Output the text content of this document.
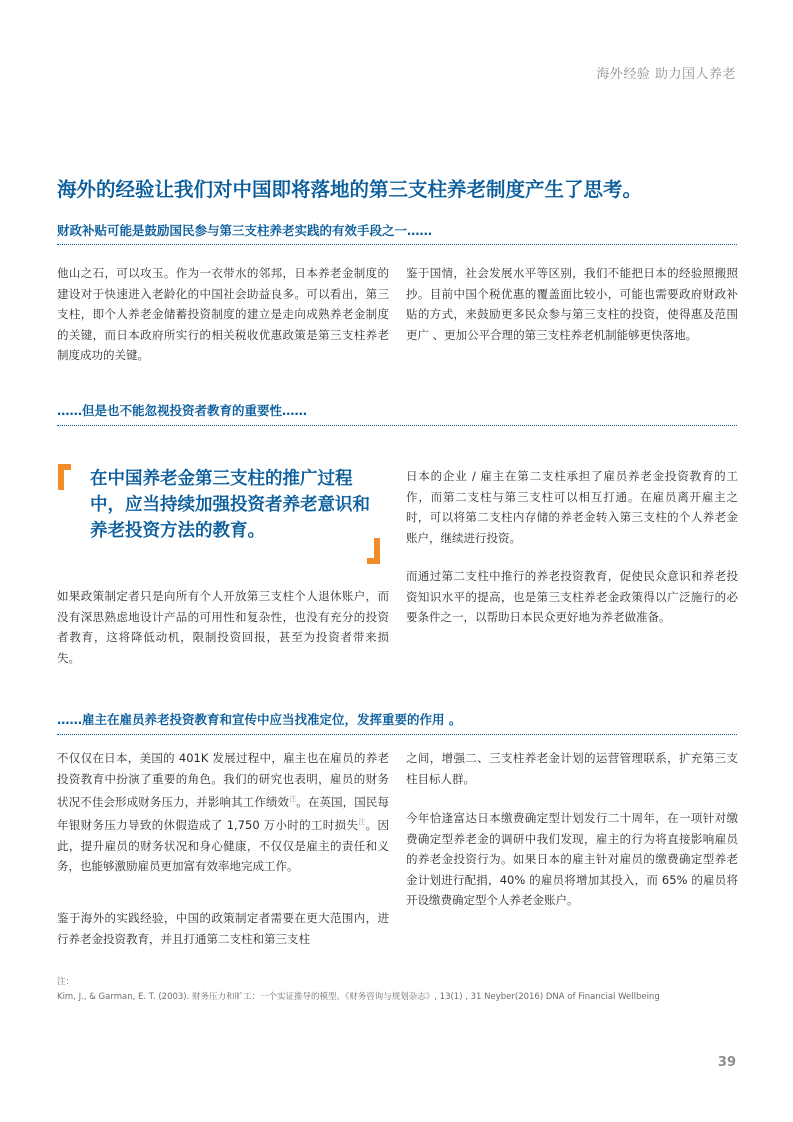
海外经验 助力国人养老
海外的经验让我们对中国即将落地的第三支柱养老制度产生了思考。
财政补贴可能是鼓励国民参与第三支柱养老实践的有效手段之一……
他山之石，可以攻玉。作为一衣带水的邻邦，日本养老金制度的建设对于快速进入老龄化的中国社会助益良多。可以看出，第三支柱，即个人养老金储蓄投资制度的建立是走向成熟养老金制度的关键，而日本政府所实行的相关税收优惠政策是第三支柱养老制度成功的关键。
鉴于国情，社会发展水平等区别，我们不能把日本的经验照搬照抄。目前中国个税优惠的覆盖面比较小，可能也需要政府财政补贴的方式，来鼓励更多民众参与第三支柱的投资，使得惠及范围更广 、更加公平合理的第三支柱养老机制能够更快落地。
……但是也不能忽视投资者教育的重要性……
在中国养老金第三支柱的推广过程中，应当持续加强投资者养老意识和养老投资方法的教育。
如果政策制定者只是向所有个人开放第三支柱个人退休账户，而没有深思熟虑地设计产品的可用性和复杂性，也没有充分的投资者教育，这将降低动机，限制投资回报，甚至为投资者带来损失。
日本的企业 / 雇主在第二支柱承担了雇员养老金投资教育的工作，而第二支柱与第三支柱可以相互打通。在雇员离开雇主之时，可以将第二支柱内存储的养老金转入第三支柱的个人养老金账户，继续进行投资。
而通过第二支柱中推行的养老投资教育，促使民众意识和养老投资知识水平的提高，也是第三支柱养老金政策得以广泛施行的必要条件之一，以帮助日本民众更好地为养老做准备。
……雇主在雇员养老投资教育和宣传中应当找准定位，发挥重要的作用 。
不仅仅在日本，美国的 401K 发展过程中，雇主也在雇员的养老投资教育中扮演了重要的角色。我们的研究也表明，雇员的财务状况不佳会形成财务压力，并影响其工作绩效$^注$。在英国，国民每年银财务压力导致的休假造成了 1,750 万小时的工时损失$^注$。因此，提升雇员的财务状况和身心健康，不仅仅是雇主的责任和义务，也能够激励雇员更加富有效率地完成工作。
鉴于海外的实践经验，中国的政策制定者需要在更大范围内，进行养老金投资教育，并且打通第二支柱和第三支柱
之间，增强二、三支柱养老金计划的运营管理联系，扩充第三支柱目标人群。
今年恰逢富达日本缴费确定型计划发行二十周年，在一项针对缴费确定型养老金的调研中我们发现，雇主的行为将直接影响雇员的养老金投资行为。如果日本的雇主针对雇员的缴费确定型养老金计划进行配捐，40% 的雇员将增加其投入，而 65% 的雇员将开设缴费确定型个人养老金账户。
注：
Kim, J., & Garman, E. T. (2003). 财务压力和旷工：一个实证推导的模型。《财务咨询与规划杂志》, 13(1) , 31 Neyber(2016) DNA of Financial Wellbeing
39
